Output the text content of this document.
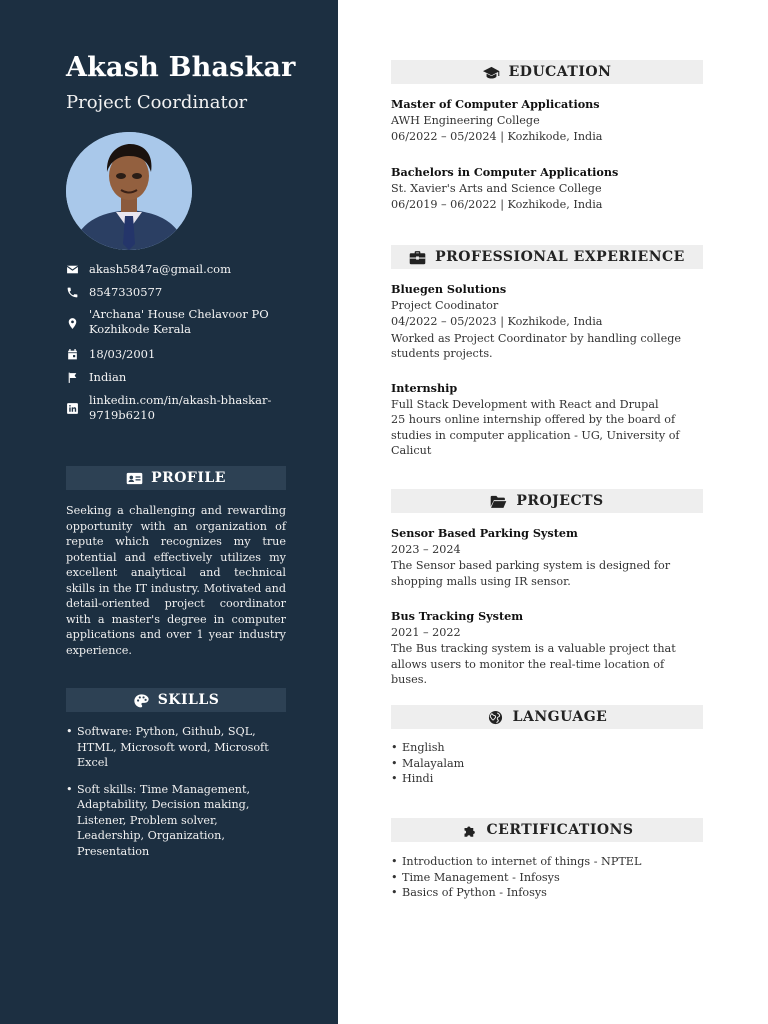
Akash Bhaskar
Project Coordinator
akash5847a@gmail.com
8547330577
'Archana' House Chelavoor PO Kozhikode Kerala
18/03/2001
Indian
linkedin.com/in/akash-bhaskar-9719b6210
PROFILE

Seeking a challenging and rewarding opportunity with an organization of repute which recognizes my true potential and effectively utilizes my excellent analytical and technical skills in the IT industry. Motivated and detail-oriented project coordinator with a master's degree in computer applications and over 1 year industry experience.

SKILLS
• Software: Python, Github, SQL, HTML, Microsoft word, Microsoft Excel
• Soft skills: Time Management, Adaptability, Decision making, Listener, Problem solver, Leadership, Organization, Presentation
EDUCATION
Master of Computer Applications
AWH Engineering College
06/2022 – 05/2024 | Kozhikode, India
Bachelors in Computer Applications
St. Xavier's Arts and Science College
06/2019 – 06/2022 | Kozhikode, India
PROFESSIONAL EXPERIENCE
Bluegen Solutions
Project Coodinator
04/2022 – 05/2023 | Kozhikode, India
Worked as Project Coordinator by handling college students projects.
Internship
Full Stack Development with React and Drupal
25 hours online internship offered by the board of studies in computer application - UG, University of Calicut
PROJECTS
Sensor Based Parking System
2023 – 2024
The Sensor based parking system is designed for shopping malls using IR sensor.
Bus Tracking System
2021 – 2022
The Bus tracking system is a valuable project that allows users to monitor the real-time location of buses.
LANGUAGE
• English
• Malayalam
• Hindi
CERTIFICATIONS
• Introduction to internet of things - NPTEL
• Time Management - Infosys
• Basics of Python - Infosys
